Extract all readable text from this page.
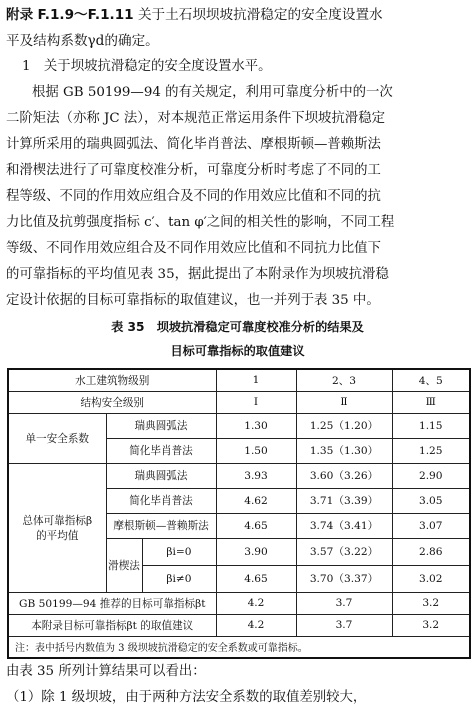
附录 F.1.9～F.1.11 关于土石坝坝坡抗滑稳定的安全度设置水
平及结构系数γd的确定。
1　关于坝坡抗滑稳定的安全度设置水平。
根据 GB 50199—94 的有关规定，利用可靠度分析中的一次
二阶矩法（亦称 JC 法），对本规范正常运用条件下坝坡抗滑稳定
计算所采用的瑞典圆弧法、简化毕肖普法、摩根斯顿—普赖斯法
和滑楔法进行了可靠度校准分析，可靠度分析时考虑了不同的工
程等级、不同的作用效应组合及不同的作用效应比值和不同的抗
力比值及抗剪强度指标 c′、tan φ′之间的相关性的影响，不同工程
等级、不同作用效应组合及不同作用效应比值和不同抗力比值下
的可靠指标的平均值见表 35，据此提出了本附录作为坝坡抗滑稳
定设计依据的目标可靠指标的取值建议，也一并列于表 35 中。
表 35　坝坡抗滑稳定可靠度校准分析的结果及
目标可靠指标的取值建议
水工建筑物级别			1	2、3	4、5
结构安全级别			Ⅰ	Ⅱ	Ⅲ
单一安全系数	瑞典圆弧法		1.30	1.25（1.20）	1.15
	简化毕肖普法		1.50	1.35（1.30）	1.25

总体可靠指标β
的平均值	瑞典圆弧法		3.93	3.60（3.26）	2.90
	简化毕肖普法		4.62	3.71（3.39）	3.05
	摩根斯顿—普赖斯法		4.65	3.74（3.41）	3.07
	滑楔法	βi=0	3.90	3.57（3.22）	2.86
		βi≠0	4.65	3.70（3.37）	3.02
GB 50199—94 推荐的目标可靠指标βt			4.2	3.7	3.2
本附录目标可靠指标βt 的取值建议			4.2	3.7	3.2
注：表中括号内数值为 3 级坝坡抗滑稳定的安全系数或可靠指标。					
由表 35 所列计算结果可以看出：
（1）除 1 级坝坡，由于两种方法安全系数的取值差别较大，
